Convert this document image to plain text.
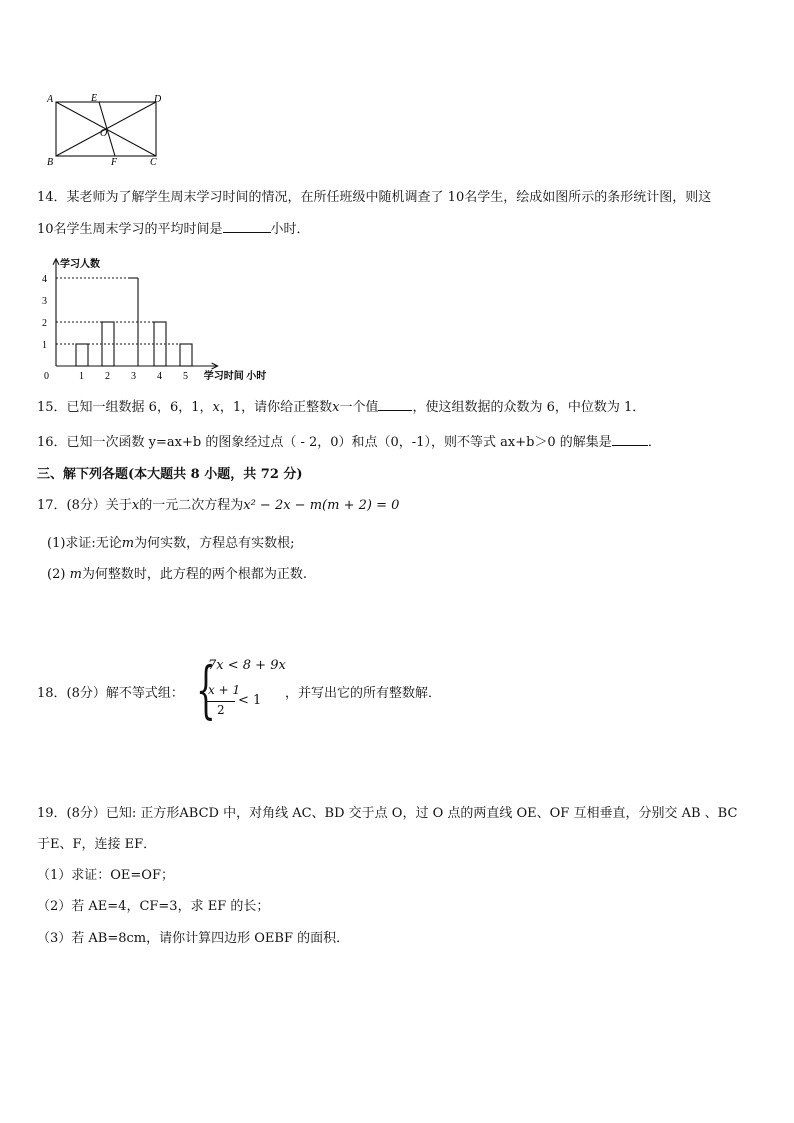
A	E	D
O
B	F	C
14．某老师为了解学生周末学习时间的情况，在所任班级中随机调查了 10名学生，绘成如图所示的条形统计图，则这
10名学生周末学习的平均时间是	小时．
学习人数
1
2
4
3
1 2 3 4 5
0	学习时间 小时
15．已知一组数据 6，6，1，x，1，请你给正整数x一个值	，使这组数据的众数为 6，中位数为 1．
16．已知一次函数 y=ax+b 的图象经过点（ - 2，0）和点（0，-1），则不等式 ax+b＞0 的解集是	．
三、解下列各题(本大题共 8 小题，共 72 分)
17．(8分）关于x的一元二次方程为x² − 2x − m(m + 2) = 0
(1)求证:无论m为何实数，方程总有实数根;
(2) m为何整数时，此方程的两个根都为正数.
18．(8分）解不等式组： {
7x < 8 + 9x
x + 1
2
< 1 ，并写出它的所有整数解．
19．(8分）已知: 正方形ABCD 中，对角线 AC、BD 交于点 O，过 O 点的两直线 OE、OF 互相垂直，分别交 AB 、BC
于E、F，连接 EF．
（1）求证：OE=OF；
（2）若 AE=4，CF=3，求 EF 的长；
（3）若 AB=8cm，请你计算四边形 OEBF 的面积．
